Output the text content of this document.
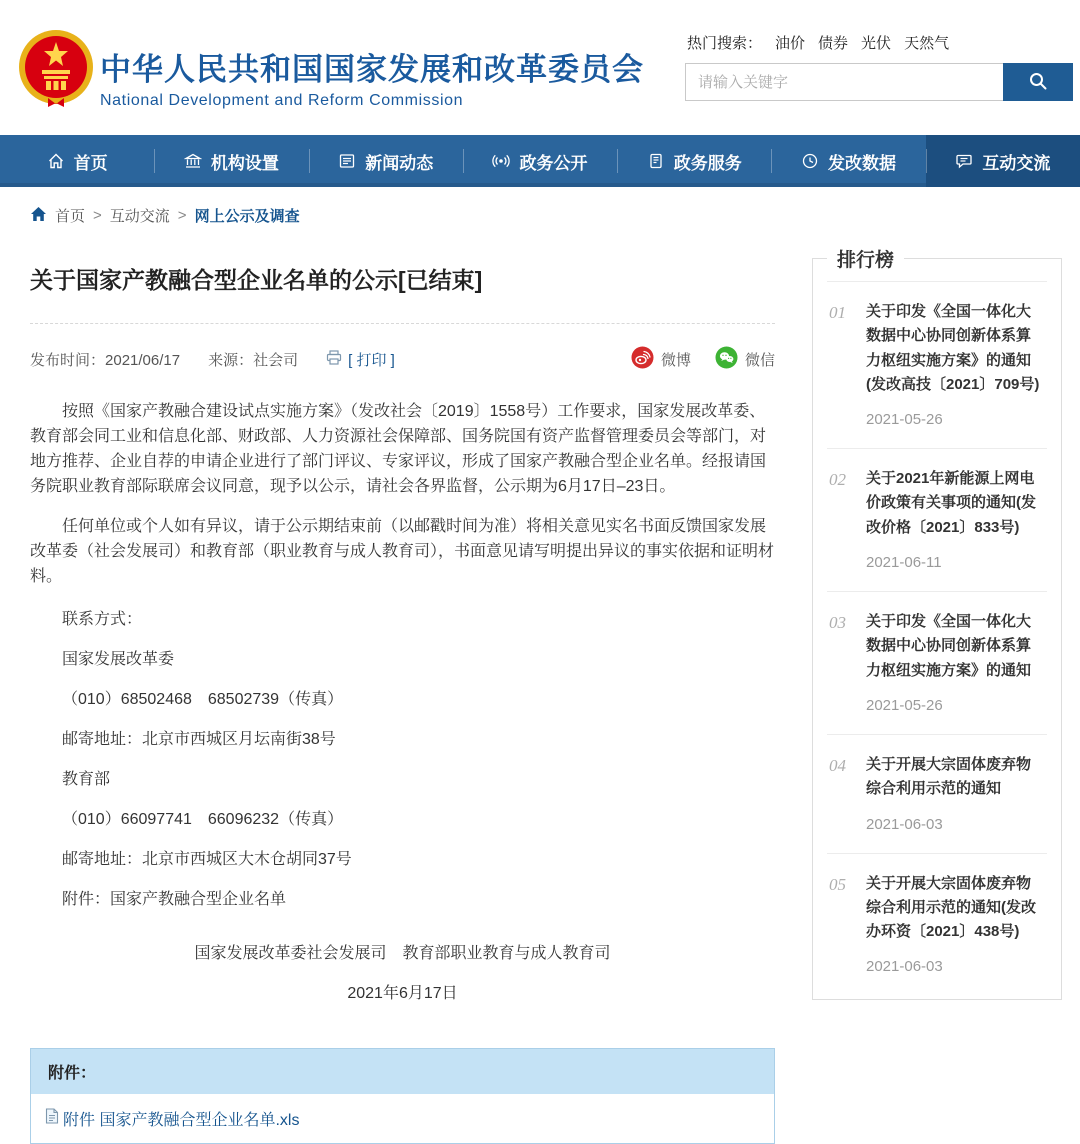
中华人民共和国国家发展和改革委员会
National Development and Reform Commission
热门搜索： 油价 债券 光伏 天然气
请输入关键字
首页	机构设置	新闻动态	政务公开	政务服务	发改数据	互动交流
首页 > 互动交流 > 网上公示及调查
关于国家产教融合型企业名单的公示[已结束]
发布时间：2021/06/17 来源：社会司	[ 打印 ]	微博	微信

按照《国家产教融合建设试点实施方案》（发改社会〔2019〕1558号）工作要求，国家发展改革委、教育部会同工业和信息化部、财政部、人力资源社会保障部、国务院国有资产监督管理委员会等部门，对地方推荐、企业自荐的申请企业进行了部门评议、专家评议，形成了国家产教融合型企业名单。经报请国务院职业教育部际联席会议同意，现予以公示，请社会各界监督，公示期为6月17日–23日。

任何单位或个人如有异议，请于公示期结束前（以邮戳时间为准）将相关意见实名书面反馈国家发展改革委（社会发展司）和教育部（职业教育与成人教育司），书面意见请写明提出异议的事实依据和证明材料。

联系方式：

国家发展改革委

（010）68502468　68502739（传真）

邮寄地址：北京市西城区月坛南街38号

教育部

（010）66097741　66096232（传真）

邮寄地址：北京市西城区大木仓胡同37号

附件：国家产教融合型企业名单

国家发展改革委社会发展司　教育部职业教育与成人教育司
2021年6月17日
附件：
附件 国家产教融合型企业名单.xls
排行榜
01	关于印发《全国一体化大数据中心协同创新体系算力枢纽实施方案》的通知(发改高技〔2021〕709号)
2021-05-26
02	关于2021年新能源上网电价政策有关事项的通知(发改价格〔2021〕833号)
2021-06-11
03	关于印发《全国一体化大数据中心协同创新体系算力枢纽实施方案》的通知
2021-05-26
04	关于开展大宗固体废弃物综合利用示范的通知
2021-06-03
05	关于开展大宗固体废弃物综合利用示范的通知(发改办环资〔2021〕438号)
2021-06-03
